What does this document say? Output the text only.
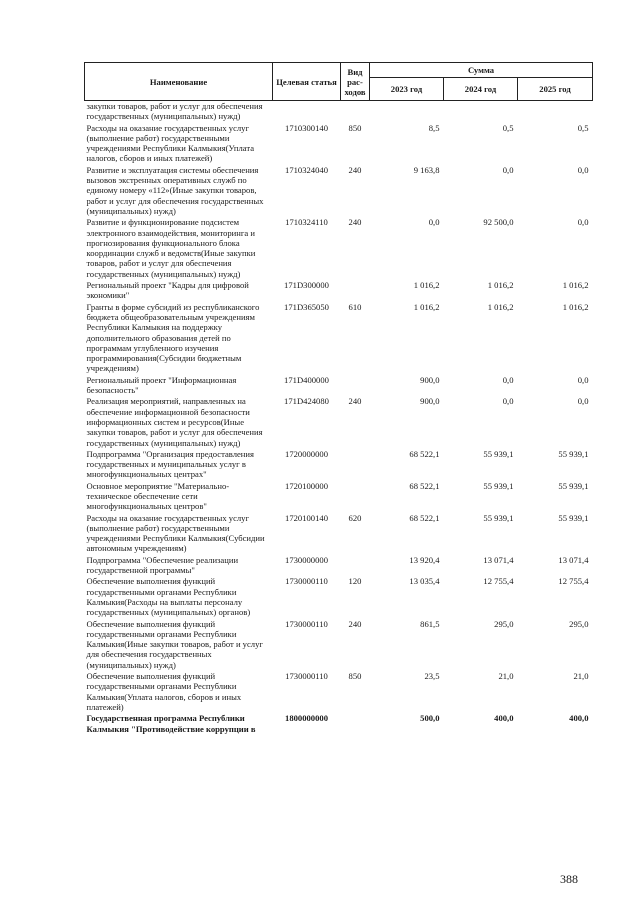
Наименование	Целевая статья	Вид рас-ходов	Сумма		
			2023 год	2024 год	2025 год
закупки товаров, работ и услуг для обеспечения государственных (муниципальных) нужд)					
Расходы на оказание государственных услуг (выполнение работ) государственными учреждениями Республики Калмыкия(Уплата налогов, сборов и иных платежей)	1710300140	850	8,5	0,5	0,5
Развитие и эксплуатация системы обеспечения вызовов экстренных оперативных служб по единому номеру «112»(Иные закупки товаров, работ и услуг для обеспечения государственных (муниципальных) нужд)	1710324040	240	9 163,8	0,0	0,0
Развитие и функционирование подсистем электронного взаимодействия, мониторинга и прогнозирования функционального блока координации служб и ведомств(Иные закупки товаров, работ и услуг для обеспечения государственных (муниципальных) нужд)	1710324110	240	0,0	92 500,0	0,0
Региональный проект "Кадры для цифровой экономики"	171D300000		1 016,2	1 016,2	1 016,2
Гранты в форме субсидий из республиканского бюджета общеобразовательным учреждениям Республики Калмыкия на поддержку дополнительного образования детей по программам углубленного изучения программирования(Субсидии бюджетным учреждениям)	171D365050	610	1 016,2	1 016,2	1 016,2
Региональный проект "Информационная безопасность"	171D400000		900,0	0,0	0,0
Реализация мероприятий, направленных на обеспечение информационной безопасности информационных систем и ресурсов(Иные закупки товаров, работ и услуг для обеспечения государственных (муниципальных) нужд)	171D424080	240	900,0	0,0	0,0
Подпрограмма "Организация предоставления государственных и муниципальных услуг в многофункциональных центрах"	1720000000		68 522,1	55 939,1	55 939,1
Основное мероприятие "Материально-техническое обеспечение сети многофункциональных центров"	1720100000		68 522,1	55 939,1	55 939,1
Расходы на оказание государственных услуг (выполнение работ) государственными учреждениями Республики Калмыкия(Субсидии автономным учреждениям)	1720100140	620	68 522,1	55 939,1	55 939,1
Подпрограмма "Обеспечение реализации государственной программы"	1730000000		13 920,4	13 071,4	13 071,4
Обеспечение выполнения функций государственными органами Республики Калмыкия(Расходы на выплаты персоналу государственных (муниципальных) органов)	1730000110	120	13 035,4	12 755,4	12 755,4
Обеспечение выполнения функций государственными органами Республики Калмыкия(Иные закупки товаров, работ и услуг для обеспечения государственных (муниципальных) нужд)	1730000110	240	861,5	295,0	295,0
Обеспечение выполнения функций государственными органами Республики Калмыкия(Уплата налогов, сборов и иных платежей)	1730000110	850	23,5	21,0	21,0
Государственная программа Республики Калмыкия "Противодействие коррупции в	1800000000		500,0	400,0	400,0
388
